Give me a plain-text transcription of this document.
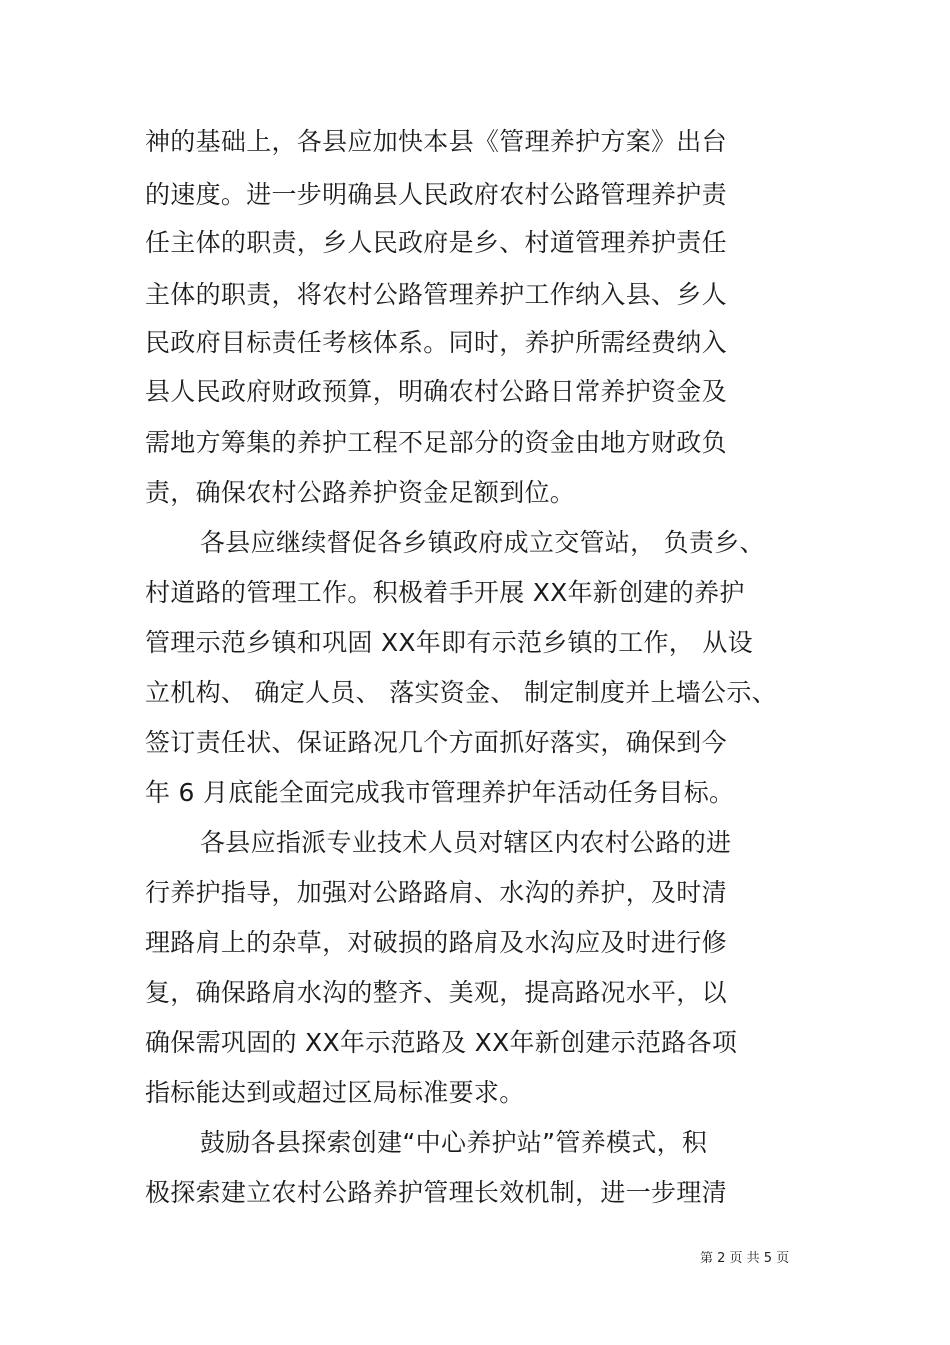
神的基础上，各县应加快本县《管理养护方案》出台
的速度。进一步明确县人民政府农村公路管理养护责
任主体的职责，乡人民政府是乡、村道管理养护责任
主体的职责，将农村公路管理养护工作纳入县、乡人
民政府目标责任考核体系。同时，养护所需经费纳入
县人民政府财政预算，明确农村公路日常养护资金及
需地方筹集的养护工程不足部分的资金由地方财政负
责，确保农村公路养护资金足额到位。
各县应继续督促各乡镇政府成立交管站， 负责乡、
村道路的管理工作。积极着手开展 XX年新创建的养护
管理示范乡镇和巩固 XX年即有示范乡镇的工作， 从设
立机构、 确定人员、 落实资金、 制定制度并上墙公示、
签订责任状、保证路况几个方面抓好落实，确保到今
年 6 月底能全面完成我市管理养护年活动任务目标。
各县应指派专业技术人员对辖区内农村公路的进
行养护指导，加强对公路路肩、水沟的养护，及时清
理路肩上的杂草，对破损的路肩及水沟应及时进行修
复，确保路肩水沟的整齐、美观，提高路况水平，以
确保需巩固的 XX年示范路及 XX年新创建示范路各项
指标能达到或超过区局标准要求。
鼓励各县探索创建“中心养护站”管养模式，积
极探索建立农村公路养护管理长效机制，进一步理清
第 2 页 共 5 页
